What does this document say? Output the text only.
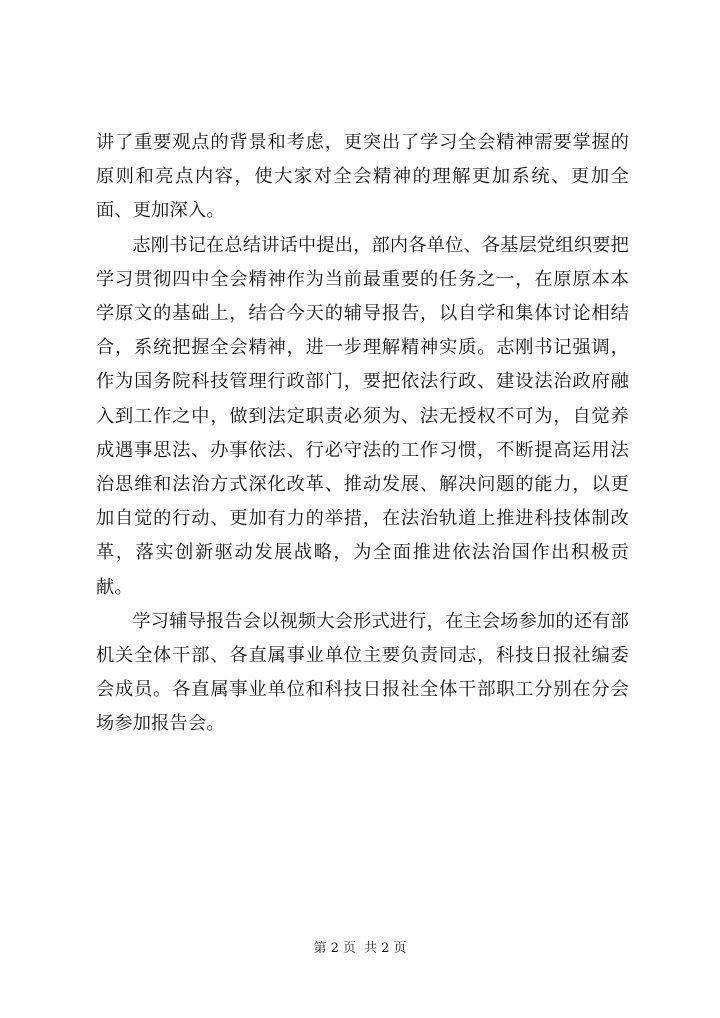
讲了重要观点的背景和考虑，更突出了学习全会精神需要掌握的原则和亮点内容，使大家对全会精神的理解更加系统、更加全面、更加深入。

志刚书记在总结讲话中提出，部内各单位、各基层党组织要把学习贯彻四中全会精神作为当前最重要的任务之一，在原原本本学原文的基础上，结合今天的辅导报告，以自学和集体讨论相结合，系统把握全会精神，进一步理解精神实质。志刚书记强调，作为国务院科技管理行政部门，要把依法行政、建设法治政府融入到工作之中，做到法定职责必须为、法无授权不可为，自觉养成遇事思法、办事依法、行必守法的工作习惯，不断提高运用法治思维和法治方式深化改革、推动发展、解决问题的能力，以更加自觉的行动、更加有力的举措，在法治轨道上推进科技体制改革，落实创新驱动发展战略，为全面推进依法治国作出积极贡献。

学习辅导报告会以视频大会形式进行，在主会场参加的还有部机关全体干部、各直属事业单位主要负责同志，科技日报社编委会成员。各直属事业单位和科技日报社全体干部职工分别在分会场参加报告会。

第 2 页 共 2 页
